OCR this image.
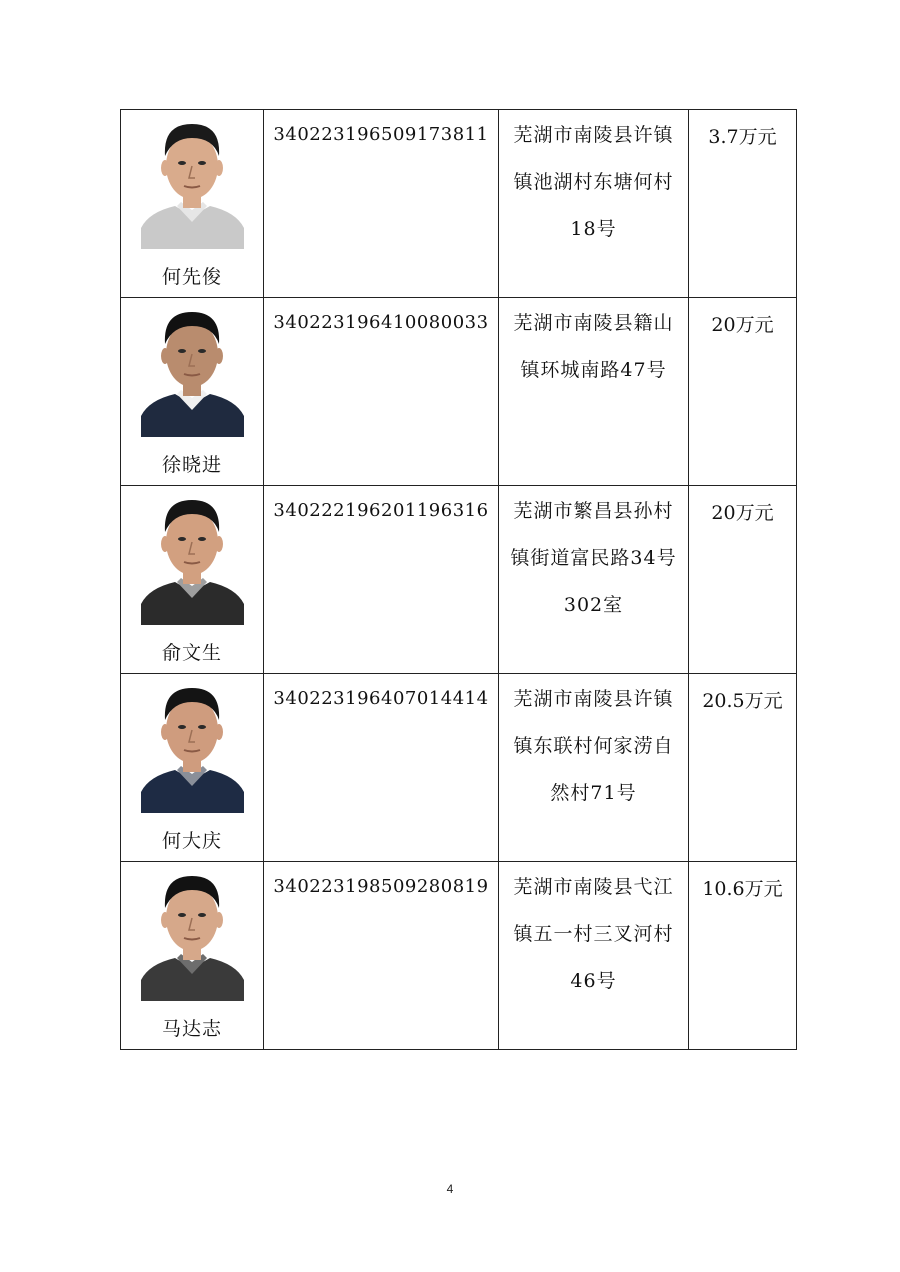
何先俊	340223196509173811	芜湖市南陵县许镇镇池湖村东塘何村18号	3.7万元

徐晓进	340223196410080033	芜湖市南陵县籍山镇环城南路47号	20万元

俞文生	340222196201196316	芜湖市繁昌县孙村镇街道富民路34号302室	20万元

何大庆	340223196407014414	芜湖市南陵县许镇镇东联村何家涝自然村71号	20.5万元

马达志	340223198509280819	芜湖市南陵县弋江镇五一村三叉河村46号	10.6万元
4
